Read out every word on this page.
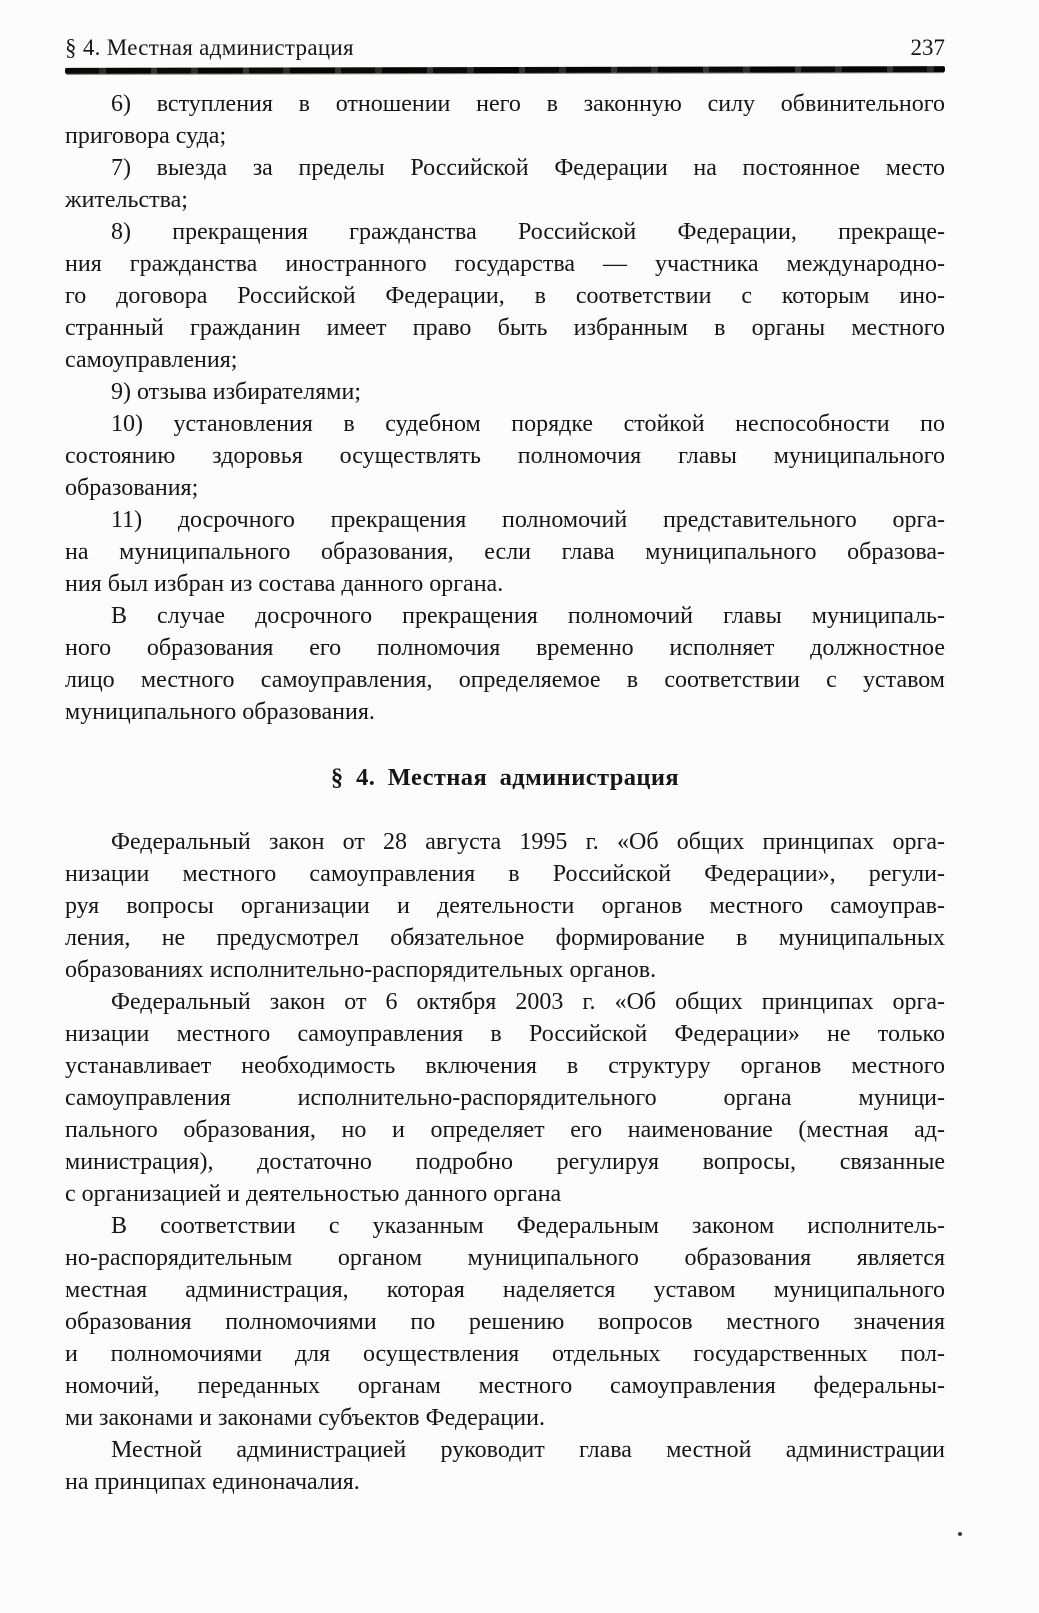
§ 4. Местная администрация	237

6) вступления в отношении него в законную силу обвинительного
приговора суда;

7) выезда за пределы Российской Федерации на постоянное место
жительства;

8) прекращения гражданства Российской Федерации, прекраще-
ния гражданства иностранного государства — участника международно-
го договора Российской Федерации, в соответствии с которым ино-
странный гражданин имеет право быть избранным в органы местного
самоуправления;

9) отзыва избирателями;

10) установления в судебном порядке стойкой неспособности по
состоянию здоровья осуществлять полномочия главы муниципального
образования;

11) досрочного прекращения полномочий представительного орга-
на муниципального образования, если глава муниципального образова-
ния был избран из состава данного органа.

В случае досрочного прекращения полномочий главы муниципаль-
ного образования его полномочия временно исполняет должностное
лицо местного самоуправления, определяемое в соответствии с уставом
муниципального образования.

§ 4. Местная администрация

Федеральный закон от 28 августа 1995 г. «Об общих принципах орга-
низации местного самоуправления в Российской Федерации», регули-
руя вопросы организации и деятельности органов местного самоуправ-
ления, не предусмотрел обязательное формирование в муниципальных
образованиях исполнительно-распорядительных органов.

Федеральный закон от 6 октября 2003 г. «Об общих принципах орга-
низации местного самоуправления в Российской Федерации» не только
устанавливает необходимость включения в структуру органов местного
самоуправления исполнительно-распорядительного органа муници-
пального образования, но и определяет его наименование (местная ад-
министрация), достаточно подробно регулируя вопросы, связанные
с организацией и деятельностью данного органа

В соответствии с указанным Федеральным законом исполнитель-
но-распорядительным органом муниципального образования является
местная администрация, которая наделяется уставом муниципального
образования полномочиями по решению вопросов местного значения
и полномочиями для осуществления отдельных государственных пол-
номочий, переданных органам местного самоуправления федеральны-
ми законами и законами субъектов Федерации.

Местной администрацией руководит глава местной администрации
на принципах единоначалия.
